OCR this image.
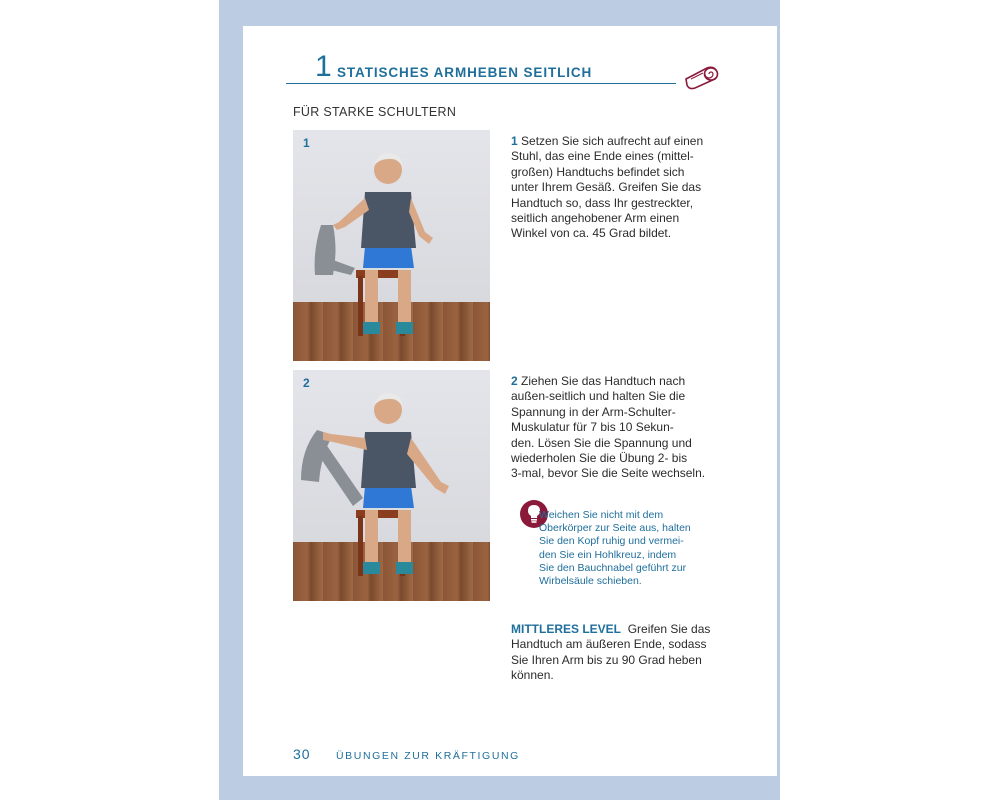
1 STATISCHES ARMHEBEN SEITLICH
FÜR STARKE SCHULTERN
1
2
1 Setzen Sie sich aufrecht auf einen
Stuhl, das eine Ende eines (mittel-
großen) Handtuchs befindet sich
unter Ihrem Gesäß. Greifen Sie das
Handtuch so, dass Ihr gestreckter,
seitlich angehobener Arm einen
Winkel von ca. 45 Grad bildet.
2 Ziehen Sie das Handtuch nach
außen-seitlich und halten Sie die
Spannung in der Arm-Schulter-
Muskulatur für 7 bis 10 Sekun-
den. Lösen Sie die Spannung und
wiederholen Sie die Übung 2- bis
3-mal, bevor Sie die Seite wechseln.
Weichen Sie nicht mit dem
Oberkörper zur Seite aus, halten
Sie den Kopf ruhig und vermei-
den Sie ein Hohlkreuz, indem
Sie den Bauchnabel geführt zur
Wirbelsäule schieben.
MITTLERES LEVEL Greifen Sie das
Handtuch am äußeren Ende, sodass
Sie Ihren Arm bis zu 90 Grad heben
können.
30 ÜBUNGEN ZUR KRÄFTIGUNG
